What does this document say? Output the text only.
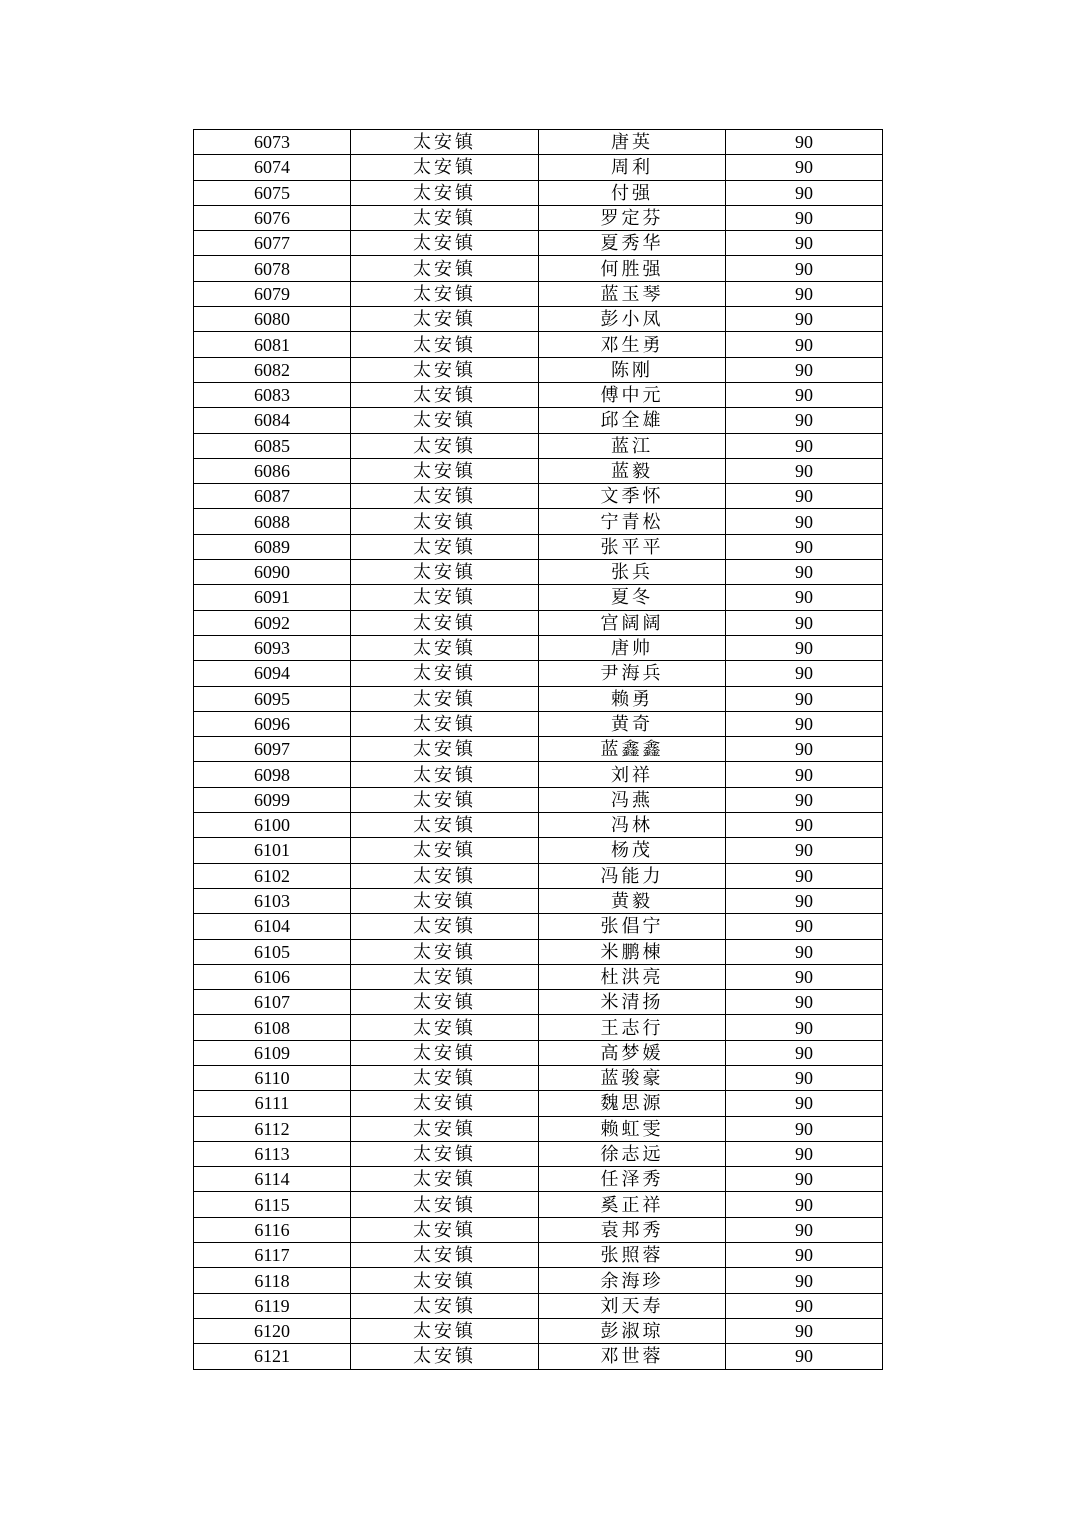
6073	太安镇	唐英	90
6074	太安镇	周利	90
6075	太安镇	付强	90
6076	太安镇	罗定芬	90
6077	太安镇	夏秀华	90
6078	太安镇	何胜强	90
6079	太安镇	蓝玉琴	90
6080	太安镇	彭小凤	90
6081	太安镇	邓生勇	90
6082	太安镇	陈刚	90
6083	太安镇	傅中元	90
6084	太安镇	邱全雄	90
6085	太安镇	蓝江	90
6086	太安镇	蓝毅	90
6087	太安镇	文季怀	90
6088	太安镇	宁青松	90
6089	太安镇	张平平	90
6090	太安镇	张兵	90
6091	太安镇	夏冬	90
6092	太安镇	宫阔阔	90
6093	太安镇	唐帅	90
6094	太安镇	尹海兵	90
6095	太安镇	赖勇	90
6096	太安镇	黄奇	90
6097	太安镇	蓝鑫鑫	90
6098	太安镇	刘祥	90
6099	太安镇	冯燕	90
6100	太安镇	冯林	90
6101	太安镇	杨茂	90
6102	太安镇	冯能力	90
6103	太安镇	黄毅	90
6104	太安镇	张倡宁	90
6105	太安镇	米鹏棟	90
6106	太安镇	杜洪亮	90
6107	太安镇	米清扬	90
6108	太安镇	王志行	90
6109	太安镇	高梦媛	90
6110	太安镇	蓝骏豪	90
6111	太安镇	魏思源	90
6112	太安镇	赖虹雯	90
6113	太安镇	徐志远	90
6114	太安镇	任泽秀	90
6115	太安镇	奚正祥	90
6116	太安镇	袁邦秀	90
6117	太安镇	张照蓉	90
6118	太安镇	余海珍	90
6119	太安镇	刘天寿	90
6120	太安镇	彭淑琼	90
6121	太安镇	邓世蓉	90
